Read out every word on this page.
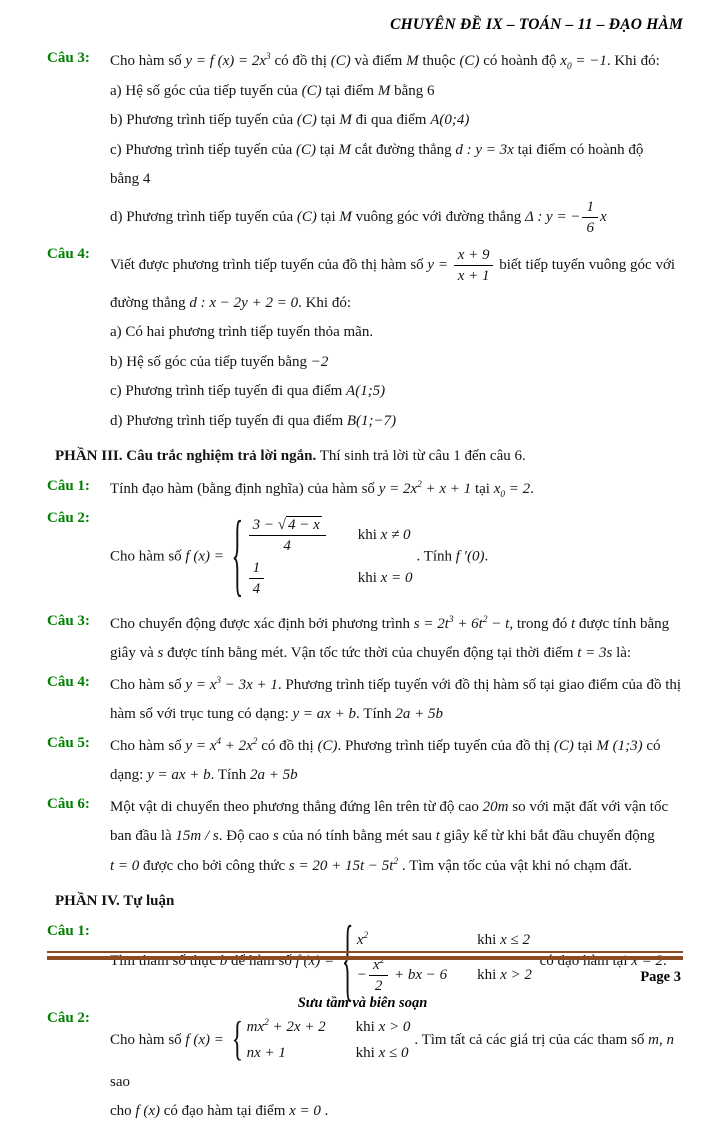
CHUYÊN ĐỀ IX – TOÁN – 11 – ĐẠO HÀM
Câu 3:	Cho hàm số y = f $(x) = 2x^3$ có đồ thị (C) và điểm M thuộc (C) có hoành độ $x_0 = -1$. Khi đó:
a) Hệ số góc của tiếp tuyến của (C) tại điểm M bằng 6
b) Phương trình tiếp tuyến của (C) tại M đi qua điểm A(0;4)
c) Phương trình tiếp tuyến của (C) tại M cắt đường thẳng d : y = 3x tại điểm có hoành độ
bằng 4
d) Phương trình tiếp tuyến của (C) tại M vuông góc với đường thẳng Δ : y = − $\frac{1}{6}$ x
Câu 4:
Viết được phương trình tiếp tuyến của đồ thị hàm số $y = \frac{x + 9}{x + 1}$ biết tiếp tuyến vuông góc với
đường thẳng d : x − 2y + 2 = 0. Khi đó:
a) Có hai phương trình tiếp tuyến thỏa mãn.
b) Hệ số góc của tiếp tuyến bằng −2
c) Phương trình tiếp tuyến đi qua điểm A(1;5)
d) Phương trình tiếp tuyến đi qua điểm B(1;−7)
PHẦN III. Câu trắc nghiệm trả lời ngắn. Thí sinh trả lời từ câu 1 đến câu 6.
Câu 1:	Tính đạo hàm (bằng định nghĩa) của hàm số $y = 2x^2 + x + 1$ tại $x_0 = 2$.
Câu 2:
Cho hàm số f (x) = { $\frac{3 - √ 4 - x}{4}$	khi x ≠ 0

$\frac{1}{4}$	khi x = 0
. Tính f ′(0).
Câu 3:	Cho chuyển động được xác định bởi phương trình $s = 2t^3 + 6t^2 - t$, trong đó t được tính bằng
giây và s được tính bằng mét. Vận tốc tức thời của chuyển động tại thời điểm t = 3s là:
Câu 4:	Cho hàm số $y = x^3 - 3x + 1$. Phương trình tiếp tuyến với đồ thị hàm số tại giao điểm của đồ thị
hàm số với trục tung có dạng: y = ax + b. Tính 2a + 5b
Câu 5:	Cho hàm số $y = x^4 + 2x^2$ có đồ thị (C). Phương trình tiếp tuyến của đồ thị (C) tại M (1;3) có
dạng: y = ax + b. Tính 2a + 5b
Câu 6:	Một vật di chuyển theo phương thẳng đứng lên trên từ độ cao 20m so với mặt đất với vận tốc
ban đầu là 15m / s. Độ cao s của nó tính bằng mét sau t giây kể từ khi bắt đầu chuyển động
t = 0 được cho bởi công thức $s = 20 + 15t - 5t^2$ . Tìm vận tốc của vật khi nó chạm đất.
PHẦN IV. Tự luận
Câu 1:
Tìm tham số thực b để hàm số f (x) = { $x^2$	khi x ≤ 2
− $\frac{x^2}{2}$ + bx − 6	khi x > 2
có đạo hàm tại x = 2.
Câu 2:
Cho hàm số f (x) = { $mx^2 + 2x + 2$	khi x > 0
nx + 1	khi x ≤ 0
. Tìm tất cả các giá trị của các tham số m, n sao
cho f (x) có đạo hàm tại điểm x = 0 .
Page 3
Sưu tầm và biên soạn
